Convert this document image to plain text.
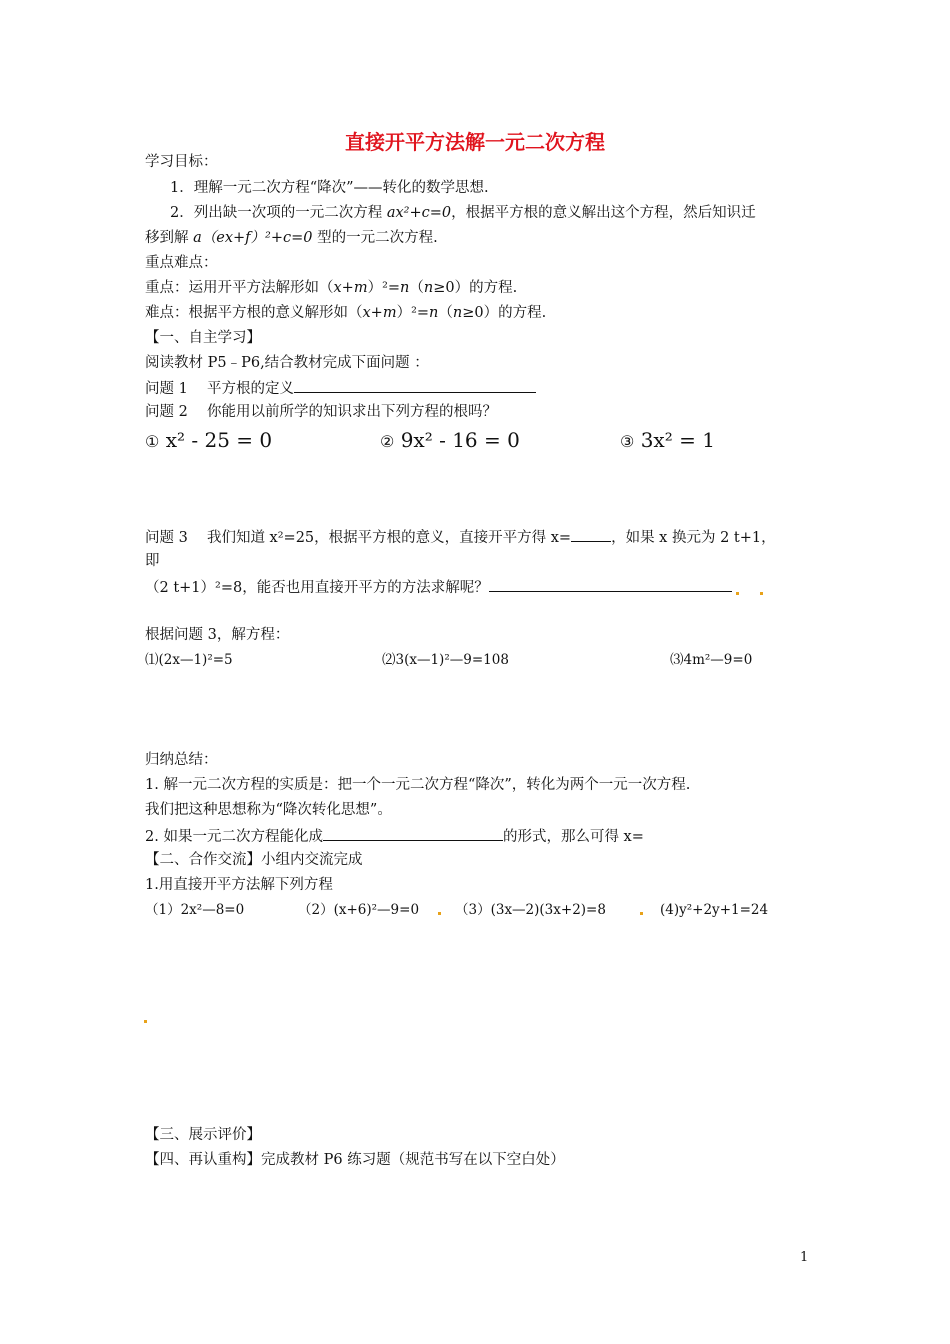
直接开平方法解一元二次方程
学习目标：
1．理解一元二次方程“降次”——转化的数学思想.
2．列出缺一次项的一元二次方程 ax²+c=0，根据平方根的意义解出这个方程，然后知识迁
移到解 a（ex+f）²+c=0 型的一元二次方程.
重点难点：
重点：运用开平方法解形如（x+m）²=n（n≥0）的方程.
难点：根据平方根的意义解形如（x+m）²=n（n≥0）的方程.
【一、自主学习】
阅读教材 P5﹣P6,结合教材完成下面问题 ：
问题 1　 平方根的定义
问题 2　 你能用以前所学的知识求出下列方程的根吗？
① x² - 25 = 0	② 9x² - 16 = 0	③ 3x² = 1
问题 3　 我们知道 x²=25，根据平方根的意义，直接开平方得 x=	，如果 x 换元为 2 t+1，
即
（2 t+1）²=8，能否也用直接开平方的方法求解呢？
根据问题 3，解方程：
⑴(2x—1)²=5	⑵3(x—1)²—9=108	⑶4m²—9=0
归纳总结：
1. 解一元二次方程的实质是：把一个一元二次方程“降次”，转化为两个一元一次方程.
我们把这种思想称为“降次转化思想”。
2. 如果一元二次方程能化成	的形式，那么可得 x=
【二、合作交流】小组内交流完成
1.用直接开平方法解下列方程
（1）2x²—8=0	（2）(x+6)²—9=0	（3）(3x—2)(3x+2)=8	(4)y²+2y+1=24
【三、展示评价】
【四、再认重构】完成教材 P6 练习题（规范书写在以下空白处）
1
